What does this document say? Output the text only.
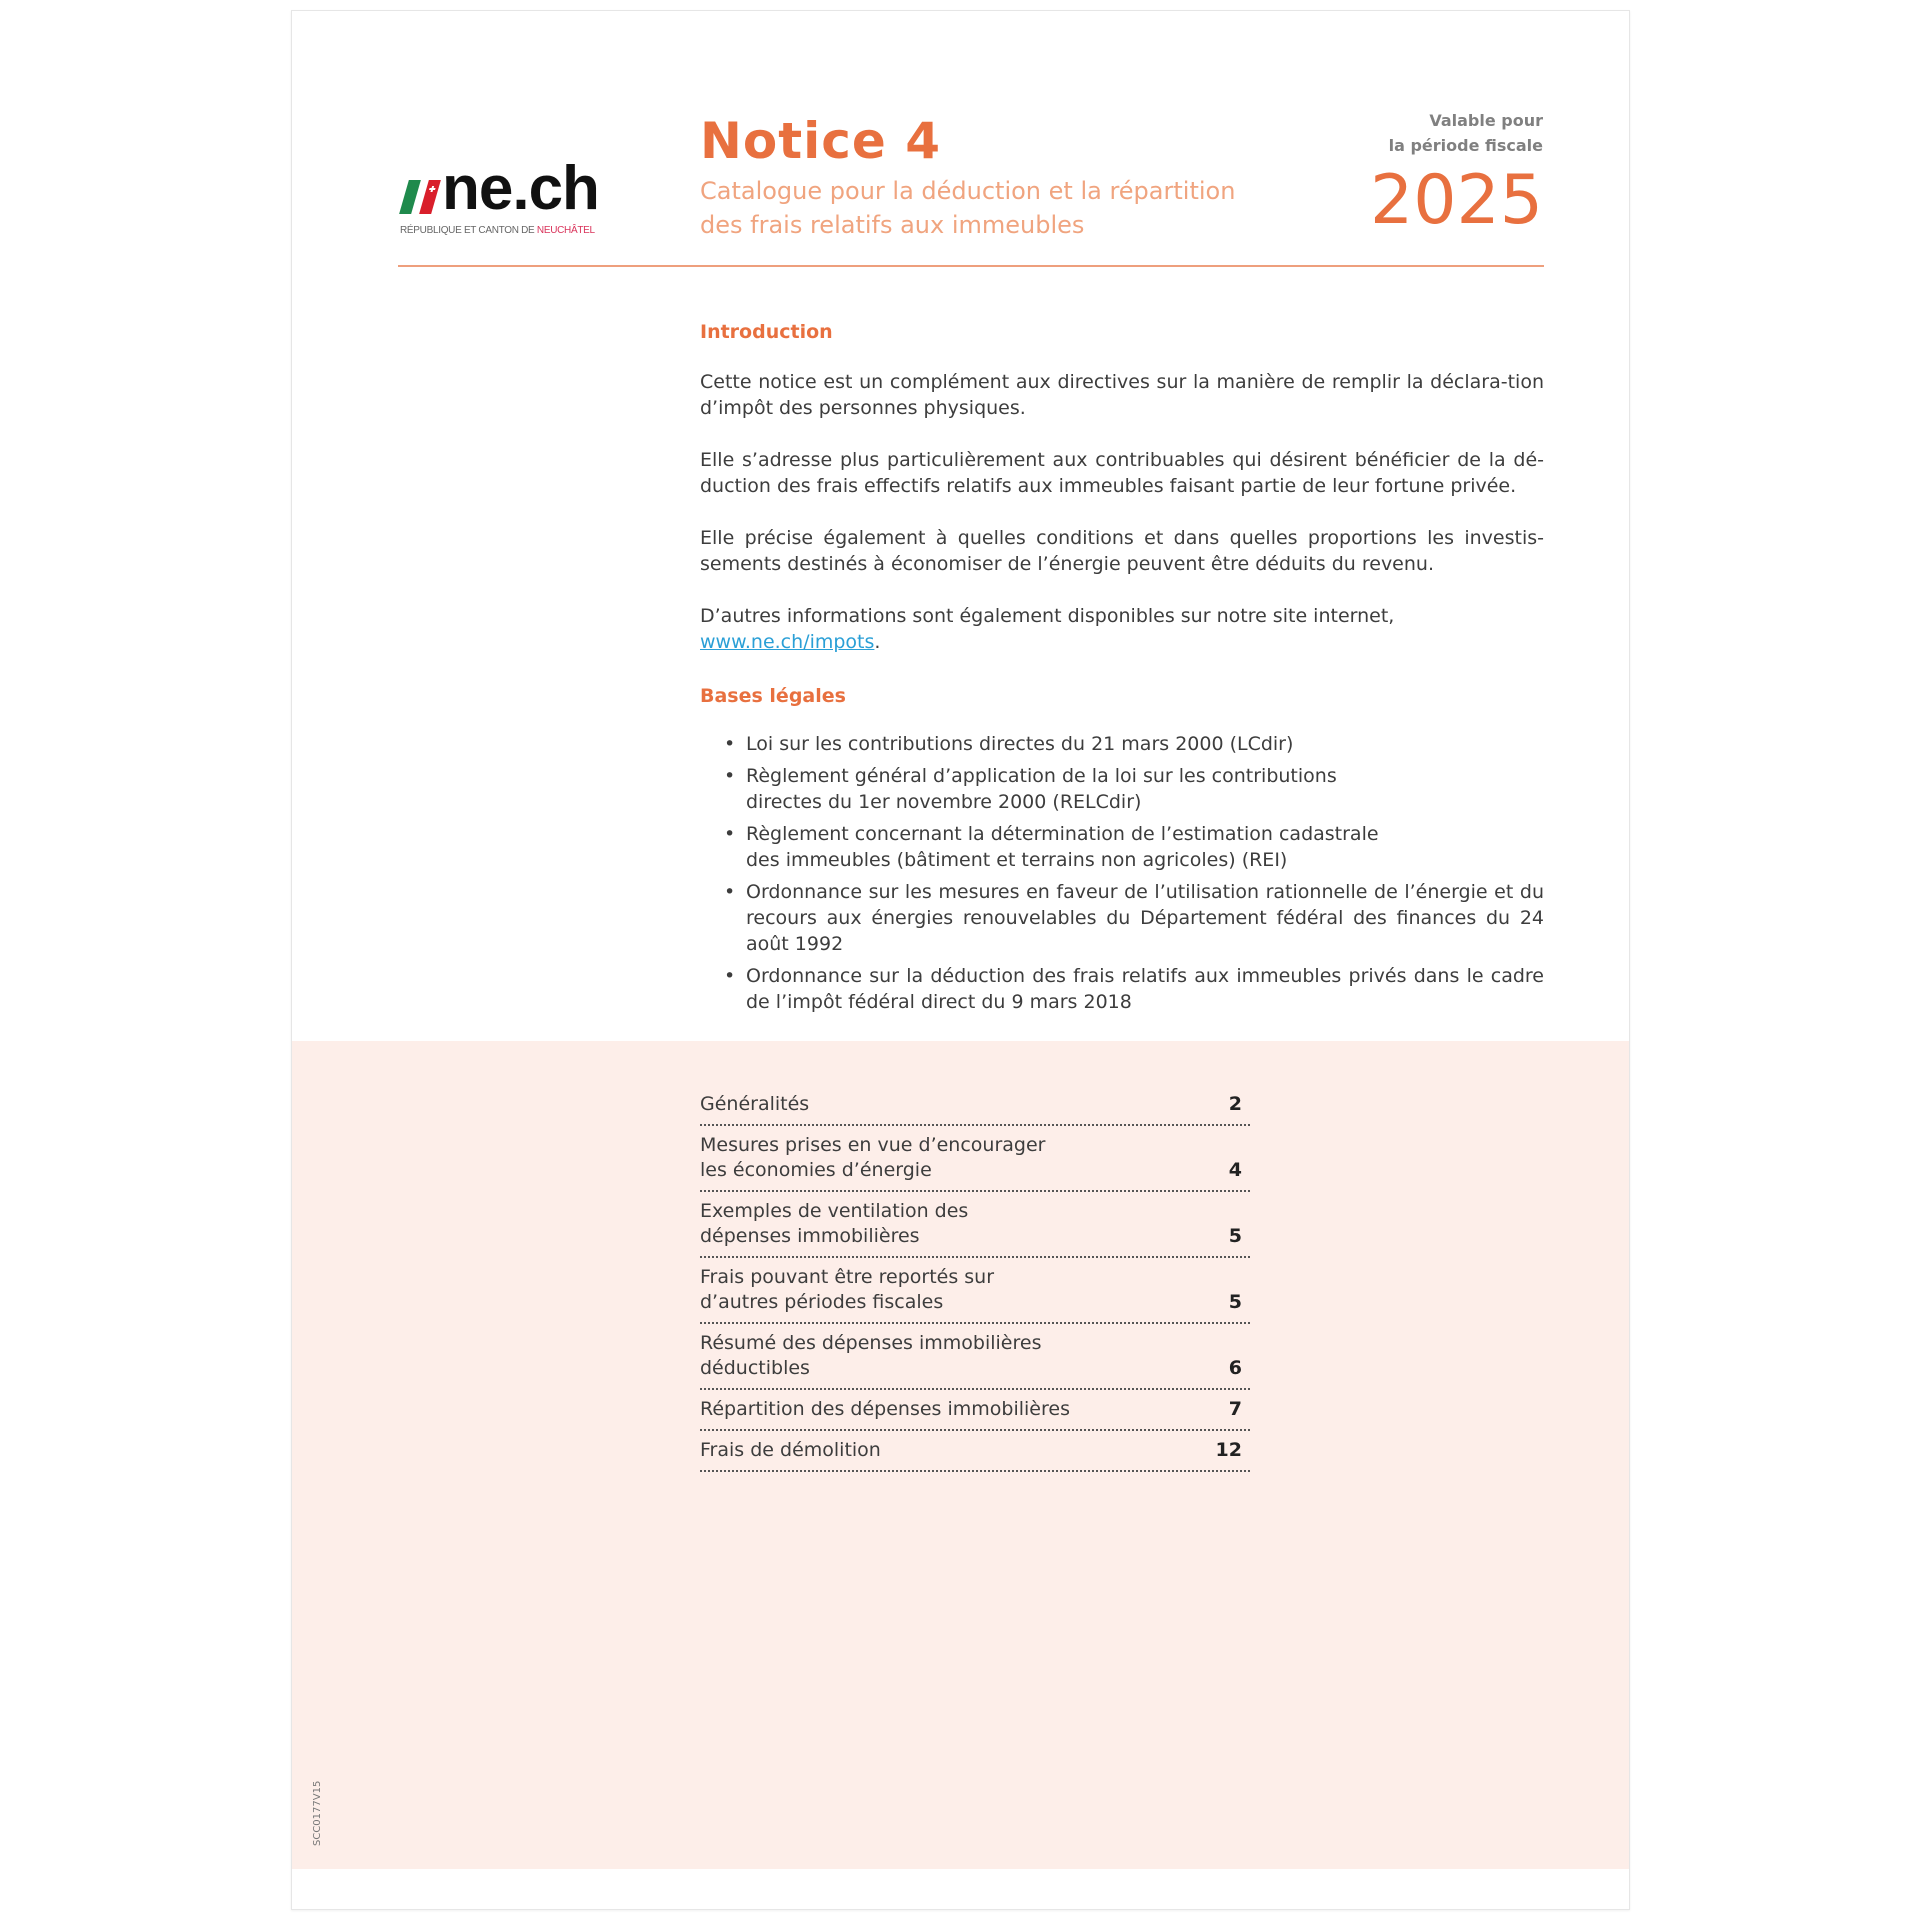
ne.ch
RÉPUBLIQUE ET CANTON DE NEUCHÂTEL
Notice 4
Catalogue pour la déduction et la répartition
des frais relatifs aux immeubles
Valable pour
la période fiscale
2025
Introduction
Cette notice est un complément aux directives sur la manière de remplir la déclara-tion d’impôt des personnes physiques.
Elle s’adresse plus particulièrement aux contribuables qui désirent bénéficier de la dé-duction des frais effectifs relatifs aux immeubles faisant partie de leur fortune privée.
Elle précise également à quelles conditions et dans quelles proportions les investis-sements destinés à économiser de l’énergie peuvent être déduits du revenu.
D’autres informations sont également disponibles sur notre site internet,
www.ne.ch/impots.
Bases légales
• Loi sur les contributions directes du 21 mars 2000 (LCdir)
• Règlement général d’application de la loi sur les contributions directes du 1er novembre 2000 (RELCdir)
• Règlement concernant la détermination de l’estimation cadastrale des immeubles (bâtiment et terrains non agricoles) (REI)
• Ordonnance sur les mesures en faveur de l’utilisation rationnelle de l’énergie et du recours aux énergies renouvelables du Département fédéral des finances du 24 août 1992
• Ordonnance sur la déduction des frais relatifs aux immeubles privés dans le cadre de l’impôt fédéral direct du 9 mars 2018
Généralités	2
Mesures prises en vue d’encourager les économies d’énergie	4
Exemples de ventilation des dépenses immobilières	5
Frais pouvant être reportés sur d’autres périodes fiscales	5
Résumé des dépenses immobilières déductibles	6
Répartition des dépenses immobilières	7
Frais de démolition	12
SCC0177V15
